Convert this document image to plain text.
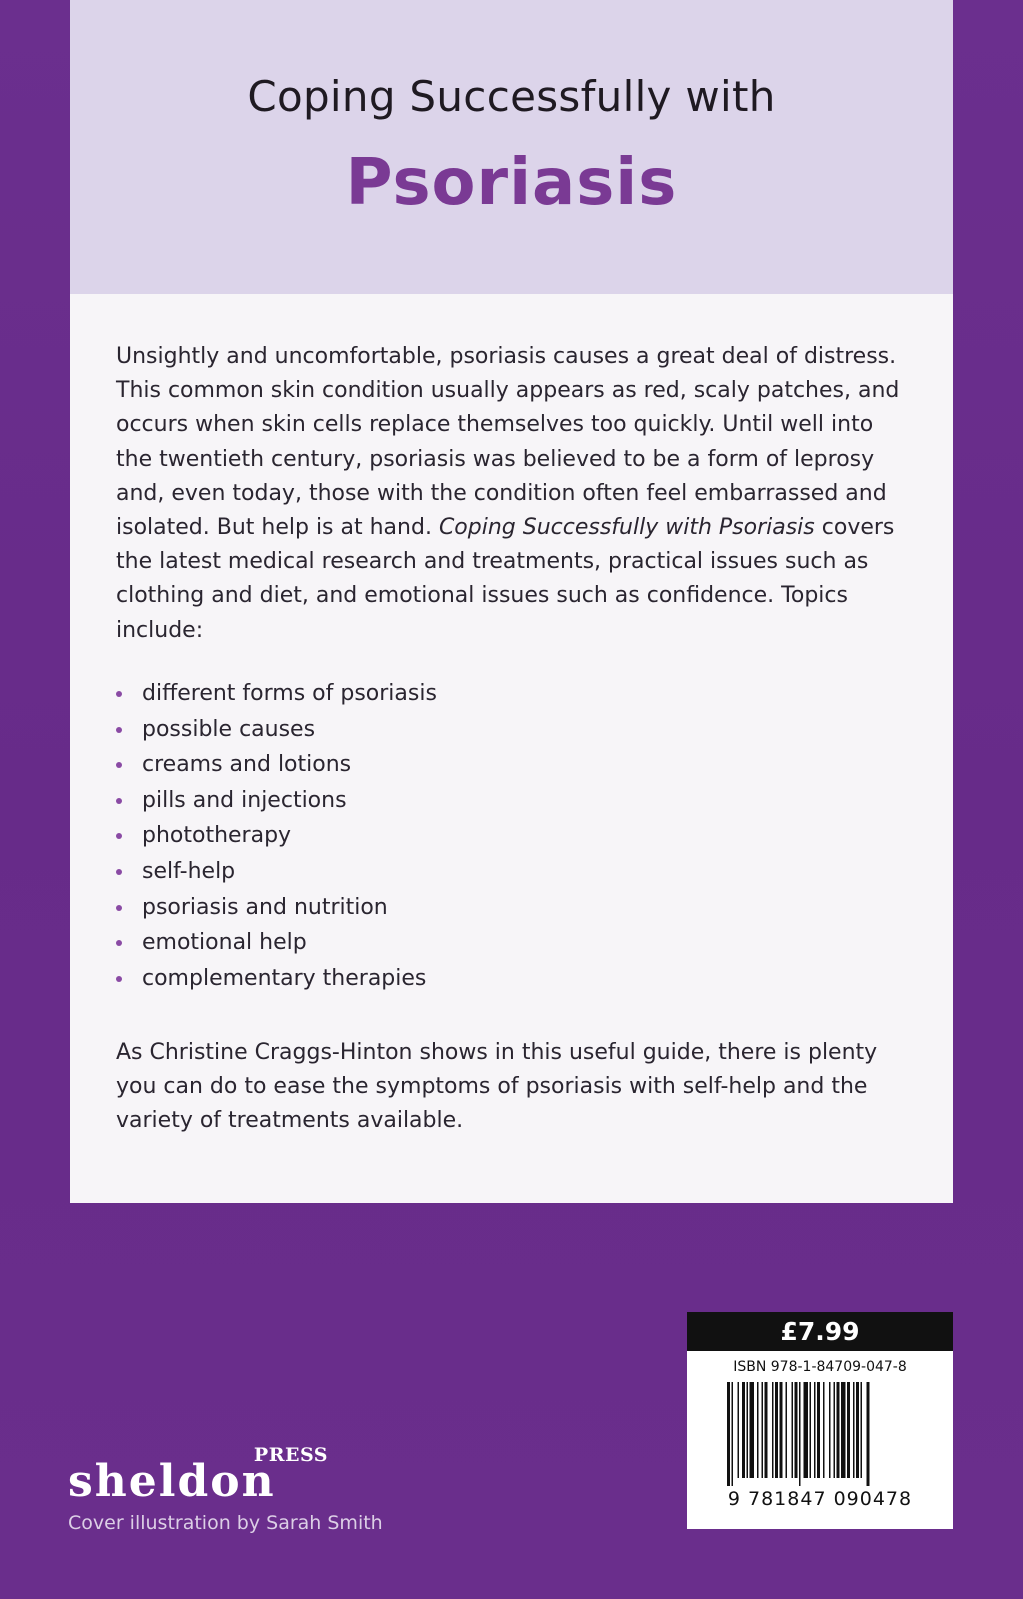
Coping Successfully with
Psoriasis

Unsightly and uncomfortable, psoriasis causes a great deal of distress. This common skin condition usually appears as red, scaly patches, and occurs when skin cells replace themselves too quickly. Until well into the twentieth century, psoriasis was believed to be a form of leprosy and, even today, those with the condition often feel embarrassed and isolated. But help is at hand. Coping Successfully with Psoriasis covers the latest medical research and treatments, practical issues such as clothing and diet, and emotional issues such as confidence. Topics include:

different forms of psoriasis
possible causes
creams and lotions
pills and injections
phototherapy
self-help
psoriasis and nutrition
emotional help
complementary therapies

As Christine Craggs-Hinton shows in this useful guide, there is plenty you can do to ease the symptoms of psoriasis with self-help and the variety of treatments available.

PRESS
sheldon
Cover illustration by Sarah Smith
£7.99
ISBN 978-1-84709-047-8
9 781847 090478
